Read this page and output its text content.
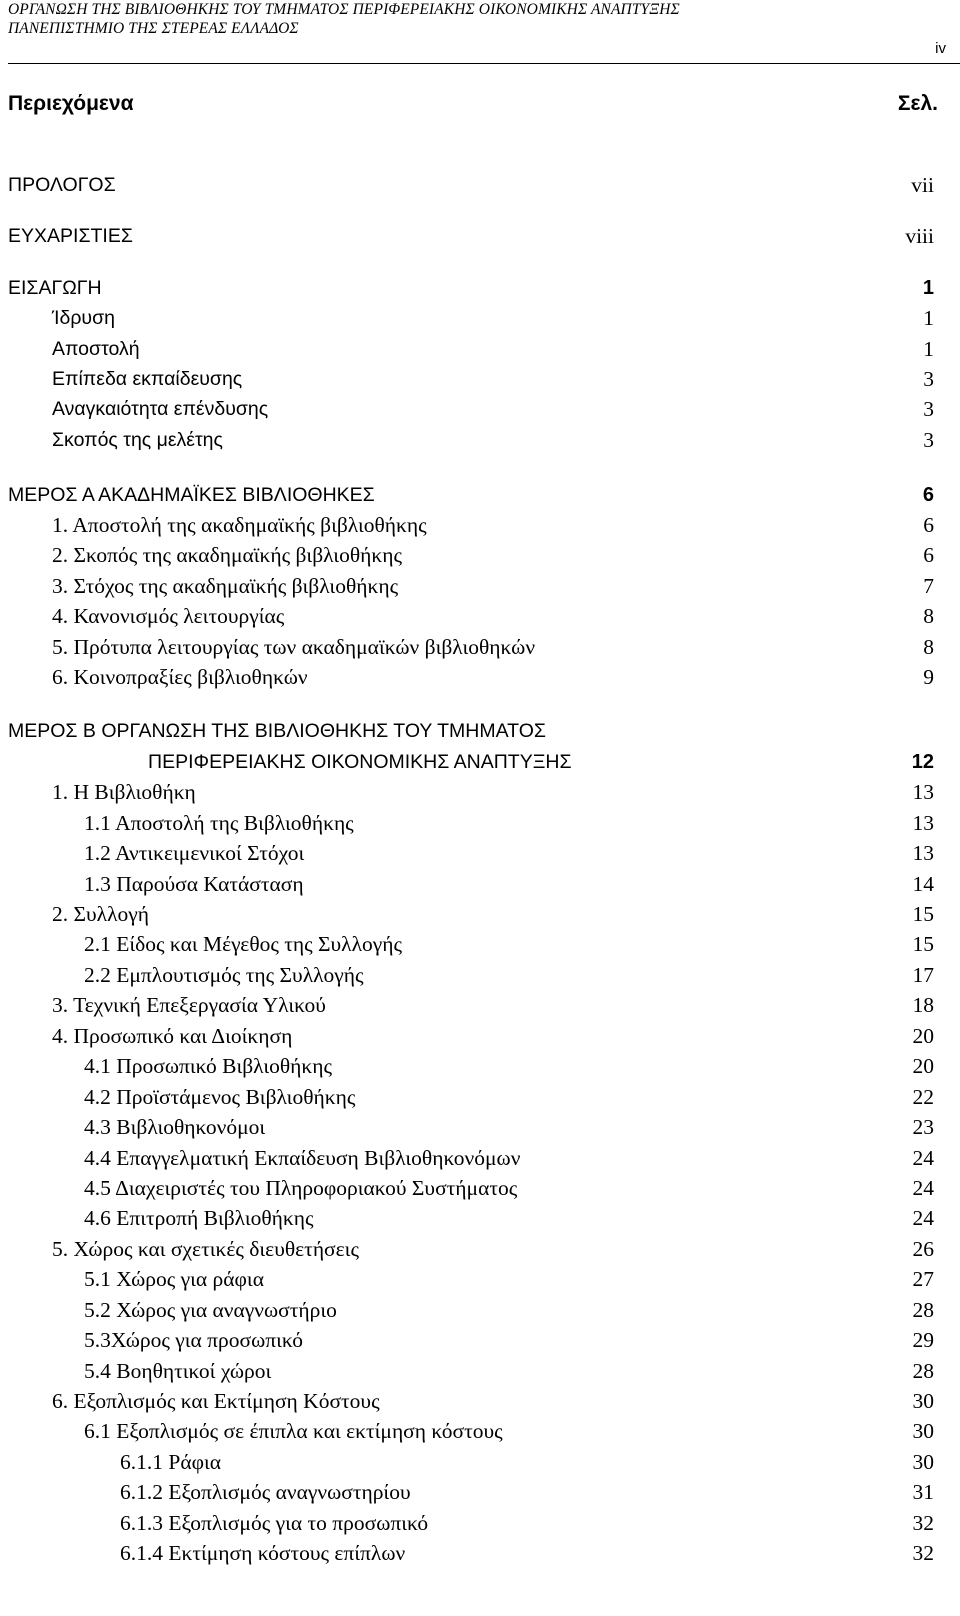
ΟΡΓΑΝΩΣΗ ΤΗΣ ΒΙΒΛΙΟΘΗΚΗΣ ΤΟΥ ΤΜΗΜΑΤΟΣ ΠΕΡΙΦΕΡΕΙΑΚΗΣ ΟΙΚΟΝΟΜΙΚΗΣ ΑΝΑΠΤΥΞΗΣ
ΠΑΝΕΠΙΣΤΗΜΙΟ ΤΗΣ ΣΤΕΡΕΑΣ ΕΛΛΑΔΟΣ
iv
Περιεχόμενα	Σελ.
ΠΡΟΛΟΓΟΣ	vii
ΕΥΧΑΡΙΣΤΙΕΣ	viii
ΕΙΣΑΓΩΓΗ	1
Ίδρυση	1
Αποστολή	1
Επίπεδα εκπαίδευσης	3
Αναγκαιότητα επένδυσης	3
Σκοπός της μελέτης	3
ΜΕΡΟΣ Α ΑΚΑΔΗΜΑΪΚΕΣ ΒΙΒΛΙΟΘΗΚΕΣ	6
1. Αποστολή της ακαδημαϊκής βιβλιοθήκης	6
2. Σκοπός της ακαδημαϊκής βιβλιοθήκης	6
3. Στόχος της ακαδημαϊκής βιβλιοθήκης	7
4. Κανονισμός λειτουργίας	8
5. Πρότυπα λειτουργίας των ακαδημαϊκών βιβλιοθηκών	8
6. Κοινοπραξίες βιβλιοθηκών	9
ΜΕΡΟΣ Β ΟΡΓΑΝΩΣΗ ΤΗΣ ΒΙΒΛΙΟΘΗΚΗΣ ΤΟΥ ΤΜΗΜΑΤΟΣ
ΠΕΡΙΦΕΡΕΙΑΚΗΣ ΟΙΚΟΝΟΜΙΚΗΣ ΑΝΑΠΤΥΞΗΣ	12
1. Η Βιβλιοθήκη	13
1.1 Αποστολή της Βιβλιοθήκης	13
1.2 Αντικειμενικοί Στόχοι	13
1.3 Παρούσα Κατάσταση	14
2. Συλλογή	15
2.1 Είδος και Μέγεθος της Συλλογής	15
2.2 Εμπλουτισμός της Συλλογής	17
3. Τεχνική Επεξεργασία Υλικού	18
4. Προσωπικό και Διοίκηση	20
4.1 Προσωπικό Βιβλιοθήκης	20
4.2 Προϊστάμενος Βιβλιοθήκης	22
4.3 Βιβλιοθηκονόμοι	23
4.4 Επαγγελματική Εκπαίδευση Βιβλιοθηκονόμων	24
4.5 Διαχειριστές του Πληροφοριακού Συστήματος	24
4.6 Επιτροπή Βιβλιοθήκης	24
5. Χώρος και σχετικές διευθετήσεις	26
5.1 Χώρος για ράφια	27
5.2 Χώρος για αναγνωστήριο	28
5.3Χώρος για προσωπικό	29
5.4 Βοηθητικοί χώροι	28
6. Εξοπλισμός και Εκτίμηση Κόστους	30
6.1 Εξοπλισμός σε έπιπλα και εκτίμηση κόστους	30
6.1.1 Ράφια	30
6.1.2 Εξοπλισμός αναγνωστηρίου	31
6.1.3 Εξοπλισμός για το προσωπικό	32
6.1.4 Εκτίμηση κόστους επίπλων	32
